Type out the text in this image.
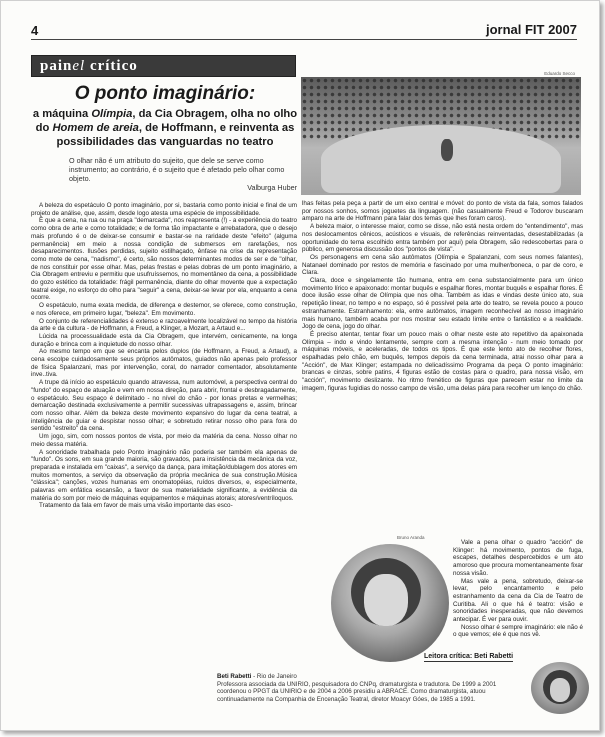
4	jornal FIT 2007
painel crítico	Eduardo Secco
O ponto imaginário:
a máquina Olímpia, da Cia Obragem, olha no olho do Homem de areia, de Hoffmann, e reinventa as possibilidades das vanguardas no teatro
O olhar não é um atributo do sujeito, que dele se serve como instrumento; ao contrário, é o sujeito que é afetado pelo olhar como objeto.
Valburga Huber

A beleza do espetáculo O ponto imaginário, por si, bastaria como ponto inicial e final de um projeto de análise, que, assim, desde logo atesta uma espécie de impossibilidade.

É que a cena, na rua ou na praça "demarcada", nos reapresenta (!) - a experiência do teatro como obra de arte e como totalidade; e de forma tão impactante e arrebatadora, que o desejo mais profundo é o de deixar-se consumir e bastar-se na raridade deste "efeito" (alguma permanência) em meio a nossa condição de submersos em rarefações, nos desaparecimentos. Ilusões perdidas, sujeito estilhaçado, ênfase na crise da representação como mote de cena, "nadismo", é certo, são nossos determinantes modos de ser e de "olhar, de nos constituir por esse olhar. Mas, pelas frestas e pelas dobras de um ponto imaginário, a Cia Obragem entreviu e permitiu que usufruíssemos, no momentâneo da cena, a possibilidade do gozo estético da totalidade: frágil permanência, diante do olhar movente que a expectação teatral exige, no esforço do olho para "seguir" a cena, deixar-se levar por ela, enquanto a cena ocorre.

O espetáculo, numa exata medida, de diferença e destemor, se oferece, como construção, e nos oferece, em primeiro lugar, "beleza". Em movimento.

O conjunto de referencialidades é extenso e razoavelmente localizável no tempo da história da arte e da cultura - de Hoffmann, a Freud, a Klinger, a Mozart, a Artaud e...

Lúcida na processualidade esta da Cia Obragem, que intervém, cenicamente, na longa duração e brinca com a inquietude do nosso olhar.

Ao mesmo tempo em que se encanta pelos duplos (de Hoffmann, a Freud, a Artaud), a cena escolpe cuidadosamente seus próprios autômatos, guiados não apenas pelo professor de física Spalanzani, mas por intervenção, coral, do narrador comentador, absolutamente inve..tiva.

A trupe dá início ao espetáculo quando atravessa, num automóvel, a perspectiva central do "fundo" do espaço de atuação e vem em nossa direção, para abrir, frontal e desbragadamente, o espetáculo. Seu espaço é delimitado - no nível do chão - por lonas pretas e vermelhas; demarcação destinada exclusivamente a permitir sucessivas ultrapassagens e, assim, brincar com nosso olhar. Além da beleza deste movimento expansivo do lugar da cena teatral, a inteligência de guiar e despistar nosso olhar; e sobretudo retirar nosso olho para fora do sentido "estreito" da cena.

Um jogo, sim, com nossos pontos de vista, por meio da matéria da cena. Nosso olhar no meio dessa matéria.

A sonoridade trabalhada pelo Ponto imaginário não poderia ser também ela apenas de "fundo". Os sons, em sua grande maioria, são gravados, para insistência da mecânica da voz, preparada e instalada em "caixas", a serviço da dança, para imitação/dublagem dos atores em muitos momentos, a serviço da observação da própria mecânica de sua construção.Música "clássica"; canções, vozes humanas em onomatopéias, ruídos diversos, e, especialmente, palavras em enfática escansão, a favor de sua materialidade significante, a evidência da matéria do som por meio de máquinas equipamentos e máquinas atorais; atores/ventríloquos.

Tratamento da fala em favor de mais uma visão importante das esco-

lhas feitas pela peça a partir de um eixo central e móvel: do ponto de vista da fala, somos falados por nossos sonhos, somos joguetes da linguagem. (não casualmente Freud e Todorov buscaram amparo na arte de Hoffmann para falar dos temas que lhes foram caros).

A beleza maior, o interesse maior, como se disse, não está nesta ordem do "entendimento", mas nos deslocamentos cênicos, acústicos e visuais, de referências reinventadas, desestabilizadas (a oportunidade do tema escolhido entra também por aqui) pela Obragem, são redescobertas para o público, em generosa discussão dos "pontos de vista".

Os personagens em cena são autômatos (Olímpia e Spalanzani, com seus nomes falantes), Natanael dominado por restos de memória e fascinado por uma mulher/boneca, o par de coro, e Clara.

Clara, doce e singelamente tão humana, entra em cena substancialmente para um único movimento lírico e apaixonado: montar buquês e espalhar flores, montar buquês e espalhar flores. É doce ilusão esse olhar de Olímpia que nos olha. Também as idas e vindas deste único ato, sua repetição linear, no tempo e no espaço, só é possível pela arte do teatro, se revela pouco a pouco estranhamente. Estranhamento: ela, entre autômatos, imagem reconhecível ao nosso imaginário mais humano, também acaba por nos mostrar seu estado limite entre o fantástico e a realidade. Jogo de cena, jogo do olhar.

É preciso atentar, tentar fixar um pouco mais o olhar neste este ato repetitivo da apaixonada Olímpia – indo e vindo lentamente, sempre com a mesma intenção - num meio tomado por máquinas móveis, e aceleradas, de todos os tipos. É que este lento ato de recolher flores, espalhadas pelo chão, em buquês, tempos depois da cena terminada, atrai nosso olhar para a "Acción", de Max Klinger; estampada no delicadíssimo Programa da peça O ponto imaginário: brancas e cinzas, sobre patins, 4 figuras estão de costas para o quadro, para nossa visão, em "acción", movimento deslizante. No ritmo frenético de figuras que parecem estar no limite da imagem, figuras fugidias do nosso campo de visão, uma delas pára para recolher um lenço do chão.

Bruno Aranda

Vale a pena olhar o quadro "acción" de Klinger: há movimento, pontos de fuga, escapes, detalhes despercebidos e um ato amoroso que procura momentaneamente fixar nossa visão.

Mas vale a pena, sobretudo, deixar-se levar, pelo encantamento e pelo estranhamento da cena da Cia de Teatro de Curitiba. Ali o que há é teatro: visão e sonoridades inesperadas, que não devemos antecipar. É ver para ouvir.

Nosso olhar é sempre imaginário: ele não é o que vemos; ele é que nos vê.

Leitora crítica: Beti Rabetti
Beti Rabetti - Rio de Janeiro
Professora associada da UNIRIO, pesquisadora do CNPq, dramaturgista e tradutora. De 1999 a 2001 coordenou o PPGT da UNIRIO e de 2004 a 2006 presidiu a ABRACE. Como dramaturgista, atuou continuadamente na Companhia de Encenação Teatral, diretor Moacyr Góes, de 1985 a 1991.
